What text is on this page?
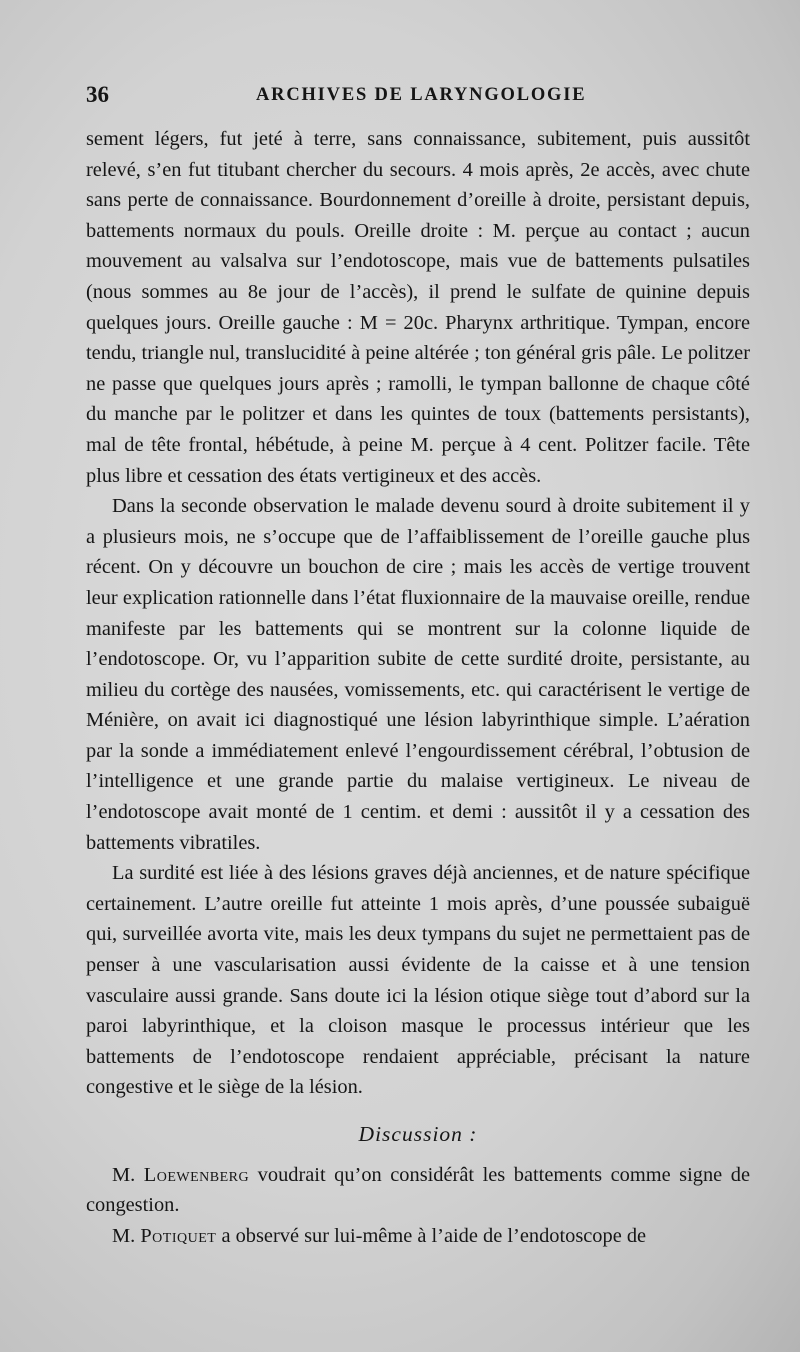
36	ARCHIVES DE LARYNGOLOGIE

sement légers, fut jeté à terre, sans connaissance, subitement, puis aussitôt relevé, s’en fut titubant chercher du secours. 4 mois après, 2e accès, avec chute sans perte de connaissance. Bourdonnement d’oreille à droite, persistant depuis, battements normaux du pouls. Oreille droite : M. perçue au contact ; aucun mouvement au valsalva sur l’endotoscope, mais vue de battements pulsatiles (nous sommes au 8e jour de l’accès), il prend le sulfate de quinine depuis quelques jours. Oreille gauche : M = 20c. Pharynx arthritique. Tympan, encore tendu, triangle nul, translucidité à peine altérée ; ton général gris pâle. Le politzer ne passe que quelques jours après ; ramolli, le tympan ballonne de chaque côté du manche par le politzer et dans les quintes de toux (battements persistants), mal de tête frontal, hébétude, à peine M. perçue à 4 cent. Politzer facile. Tête plus libre et cessation des états vertigineux et des accès.

Dans la seconde observation le malade devenu sourd à droite subitement il y a plusieurs mois, ne s’occupe que de l’affaiblissement de l’oreille gauche plus récent. On y découvre un bouchon de cire ; mais les accès de vertige trouvent leur explication rationnelle dans l’état fluxionnaire de la mauvaise oreille, rendue manifeste par les battements qui se montrent sur la colonne liquide de l’endotoscope. Or, vu l’apparition subite de cette surdité droite, persistante, au milieu du cortège des nausées, vomissements, etc. qui caractérisent le vertige de Ménière, on avait ici diagnostiqué une lésion labyrinthique simple. L’aération par la sonde a immédiatement enlevé l’engourdissement cérébral, l’obtusion de l’intelligence et une grande partie du malaise vertigineux. Le niveau de l’endotoscope avait monté de 1 centim. et demi : aussitôt il y a cessation des battements vibratiles.

La surdité est liée à des lésions graves déjà anciennes, et de nature spécifique certainement. L’autre oreille fut atteinte 1 mois après, d’une poussée subaiguë qui, surveillée avorta vite, mais les deux tympans du sujet ne permettaient pas de penser à une vascularisation aussi évidente de la caisse et à une tension vasculaire aussi grande. Sans doute ici la lésion otique siège tout d’abord sur la paroi labyrinthique, et la cloison masque le processus intérieur que les battements de l’endotoscope rendaient appréciable, précisant la nature congestive et le siège de la lésion.

Discussion :

M. Loewenberg voudrait qu’on considérât les battements comme signe de congestion.

M. Potiquet a observé sur lui-même à l’aide de l’endotoscope de
